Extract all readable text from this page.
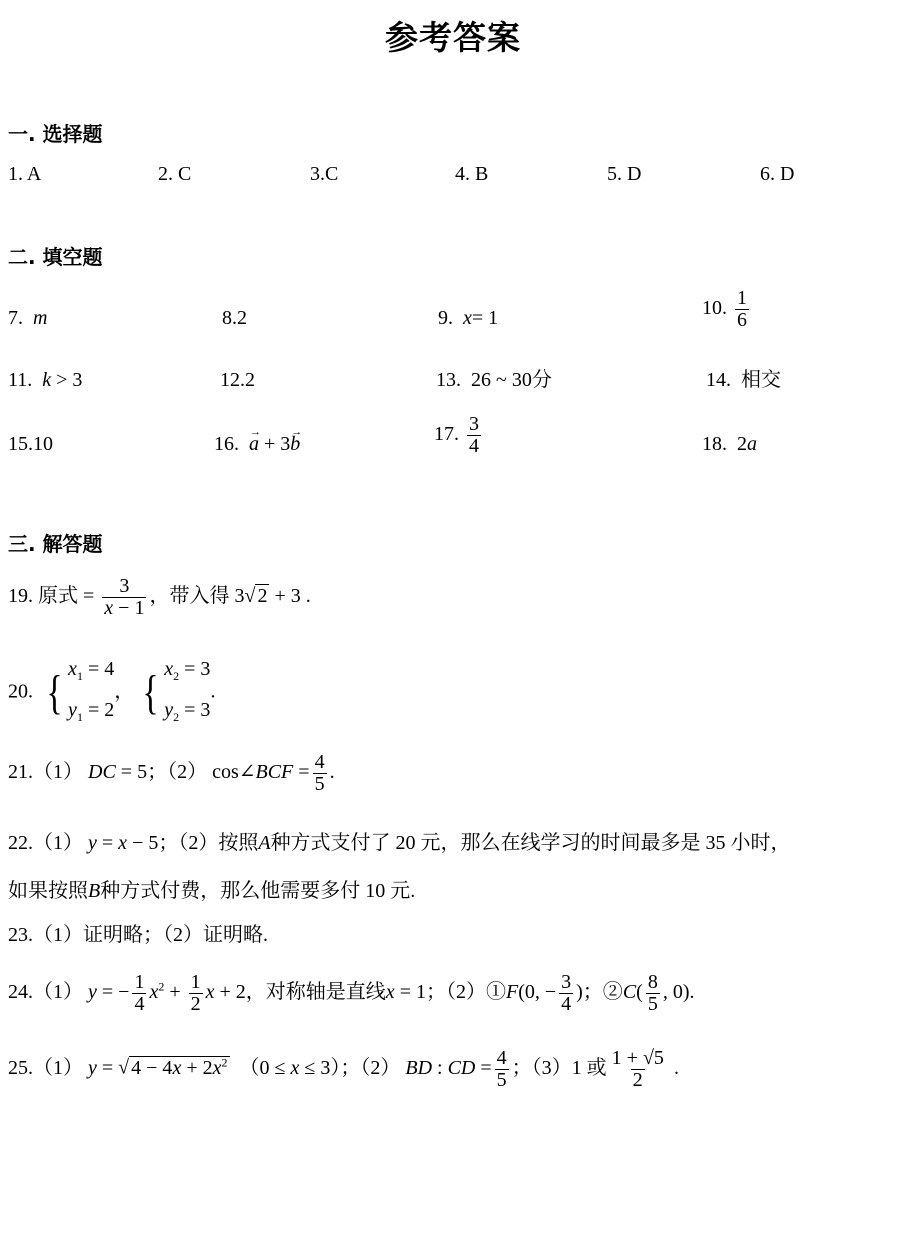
参考答案
一. 选择题
1. A	2. C	3.C	4. B	5. D	6. D
二. 填空题
7. m	8.2	9. x= 1	10. $\frac{1}{6}$
11. k > 3	12.2	13. 26 ~ 30分	14. 相交
15.10	16. → a + 3→ b	17. $\frac{3}{4}$	18. 2a
三. 解答题
19. 原式 = $\frac{3}{x - 1}$ ，带入得 3√ 2 + 3 .
20. { $x_1 = 4$
$y_1 = 2$
， { $x_2 = 3$
$y_2 = 3$
.
21.（1） DC = 5；（2） cos∠BCF = $\frac{4}{5}$ .
22.（1） y = x − 5；（2）按照A种方式支付了 20 元，那么在线学习的时间最多是 35 小时，
如果按照B种方式付费，那么他需要多付 10 元.
23.（1）证明略；（2）证明略.
24.（1） y = − $\frac{1}{4} x^2 + \frac{1}{2}$ x + 2，对称轴是直线x = 1；（2）①F(0, − $\frac{3}{4}$ )；②C( $\frac{8}{5}$ , 0).
25.（1） y = √ $4 - 4x + 2x^2$ （0 ≤ x ≤ 3）；（2） BD : CD = $\frac{4}{5}$ ；（3）1 或 $\frac{1 + √5}{2}$ .
